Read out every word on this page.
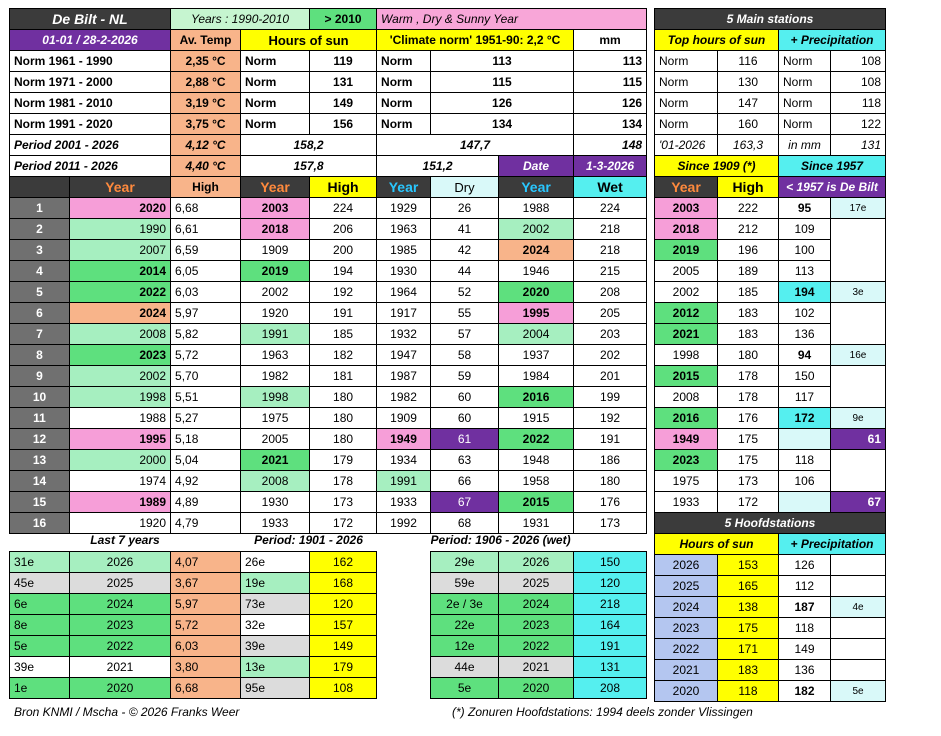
De Bilt - NL		Years : 1990-2010		> 2010	Warm , Dry & Sunny Year			
01-01 / 28-2-2026		Av. Temp	Hours of sun		'Climate norm' 1951-90: 2,2 °C			mm
Norm 1961 - 1990		2,35 °C	Norm	119	Norm	113		113
Norm 1971 - 2000		2,88 °C	Norm	131	Norm	115		115
Norm 1981 - 2010		3,19 °C	Norm	149	Norm	126		126
Norm 1991 - 2020		3,75 °C	Norm	156	Norm	134		134
Period 2001 - 2026		4,12 °C	158,2		147,7			148
Period 2011 - 2026		4,40 °C	157,8		151,2		Date	1-3-2026
	Year	High	Year	High	Year	Dry	Year	Wet
1	2020	6,68	2003	224	1929	26	1988	224
2	1990	6,61	2018	206	1963	41	2002	218
3	2007	6,59	1909	200	1985	42	2024	218
4	2014	6,05	2019	194	1930	44	1946	215
5	2022	6,03	2002	192	1964	52	2020	208
6	2024	5,97	1920	191	1917	55	1995	205
7	2008	5,82	1991	185	1932	57	2004	203
8	2023	5,72	1963	182	1947	58	1937	202
9	2002	5,70	1982	181	1987	59	1984	201
10	1998	5,51	1998	180	1982	60	2016	199
11	1988	5,27	1975	180	1909	60	1915	192
12	1995	5,18	2005	180	1949	61	2022	191
13	2000	5,04	2021	179	1934	63	1948	186
14	1974	4,92	2008	178	1991	66	1958	180
15	1989	4,89	1930	173	1933	67	2015	176
16	1920	4,79	1933	172	1992	68	1931	173
Last 7 years			Period: 1901 - 2026			Period: 1906 - 2026 (wet)		
31e	2026	4,07	26e	162		29e	2026	150
45e	2025	3,67	19e	168		59e	2025	120
6e	2024	5,97	73e	120		2e / 3e	2024	218
8e	2023	5,72	32e	157		22e	2023	164
5e	2022	6,03	39e	149		12e	2022	191
39e	2021	3,80	13e	179		44e	2021	131
1e	2020	6,68	95e	108		5e	2020	208
5 Main stations			
Top hours of sun		+ Precipitation	
Norm	116	Norm	108
Norm	130	Norm	108
Norm	147	Norm	118
Norm	160	Norm	122
'01-2026	163,3	in mm	131
Since 1909 (*)		Since 1957	
Year	High	< 1957 is De Bilt	
2003	222	95	17e
2018	212	109	
2019	196	100	
2005	189	113	
2002	185	194	3e
2012	183	102	
2021	183	136	
1998	180	94	16e
2015	178	150	
2008	178	117	
2016	176	172	9e
1949	175		61
2023	175	118	
1975	173	106	
1933	172		67
5 Hoofdstations			
Hours of sun		+ Precipitation	
2026	153	126	
2025	165	112	
2024	138	187	4e
2023	175	118	
2022	171	149	
2021	183	136	
2020	118	182	5e
Bron KNMI / Mscha - © 2026 Franks Weer	(*) Zonuren Hoofdstations: 1994 deels zonder Vlissingen
